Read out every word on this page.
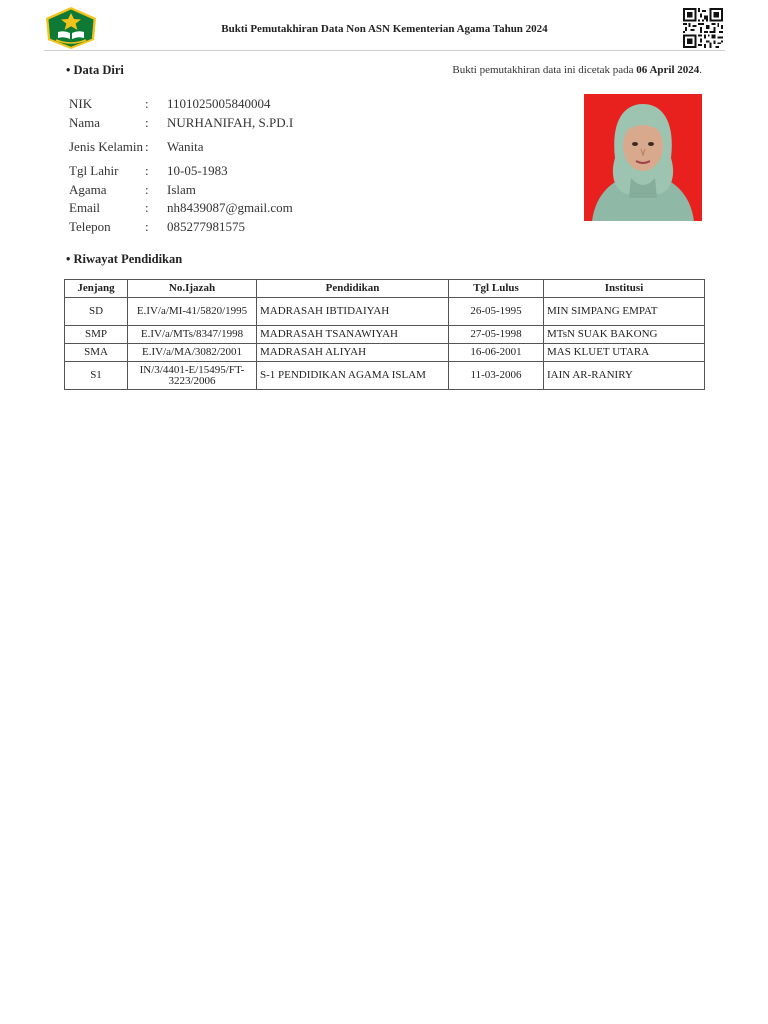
Bukti Pemutakhiran Data Non ASN Kementerian Agama Tahun 2024
• Data Diri	Bukti pemutakhiran data ini dicetak pada 06 April 2024.
NIK	:	1101025005840004
Nama	:	NURHANIFAH, S.PD.I
Jenis Kelamin	:	Wanita
Tgl Lahir	:	10-05-1983
Agama	:	Islam
Email	:	nh8439087@gmail.com
Telepon	:	085277981575
• Riwayat Pendidikan
Jenjang	No.Ijazah	Pendidikan	Tgl Lulus	Institusi
SD	E.IV/a/MI-41/5820/1995	MADRASAH IBTIDAIYAH	26-05-1995	MIN SIMPANG EMPAT
SMP	E.IV/a/MTs/8347/1998	MADRASAH TSANAWIYAH	27-05-1998	MTsN SUAK BAKONG
SMA	E.IV/a/MA/3082/2001	MADRASAH ALIYAH	16-06-2001	MAS KLUET UTARA
S1	IN/3/4401-E/15495/FT-3223/2006	S-1 PENDIDIKAN AGAMA ISLAM	11-03-2006	IAIN AR-RANIRY
